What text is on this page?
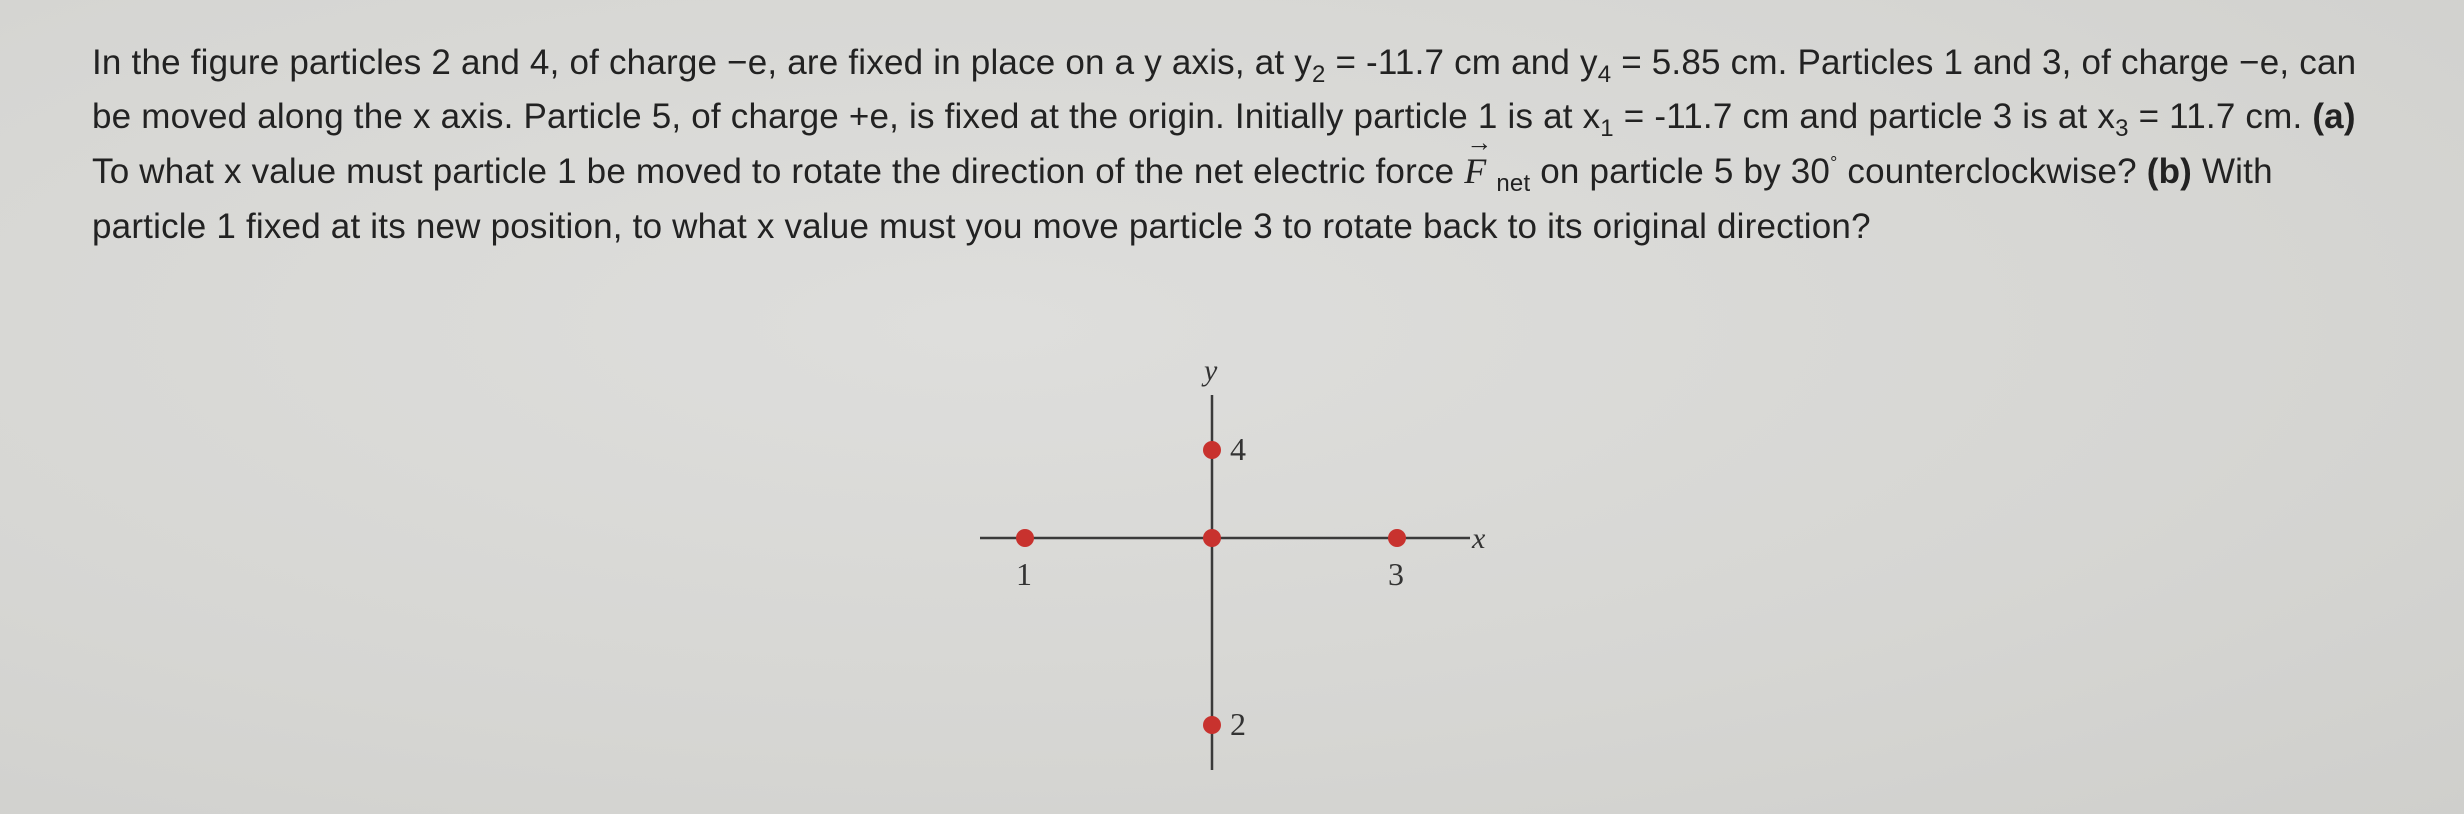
In the figure particles 2 and 4, of charge −e, are fixed in place on a y axis, at $y_2 = -11.7$ cm and $y_4 = 5.85$ cm. Particles 1 and 3, of charge −e, can be moved along the x axis. Particle 5, of charge +e, is fixed at the origin. Initially particle 1 is at $x_1 = -11.7$ cm and particle 3 is at $x_3 = 11.7$ cm. (a) To what x value must particle 1 be moved to rotate the direction of the net electric force
→
F $_{net}$ on particle 5 by 30° counterclockwise? (b) With particle 1 fixed at its new position, to what x value must you move particle 3 to rotate back to its original direction?

y
x
1	3
4
2
